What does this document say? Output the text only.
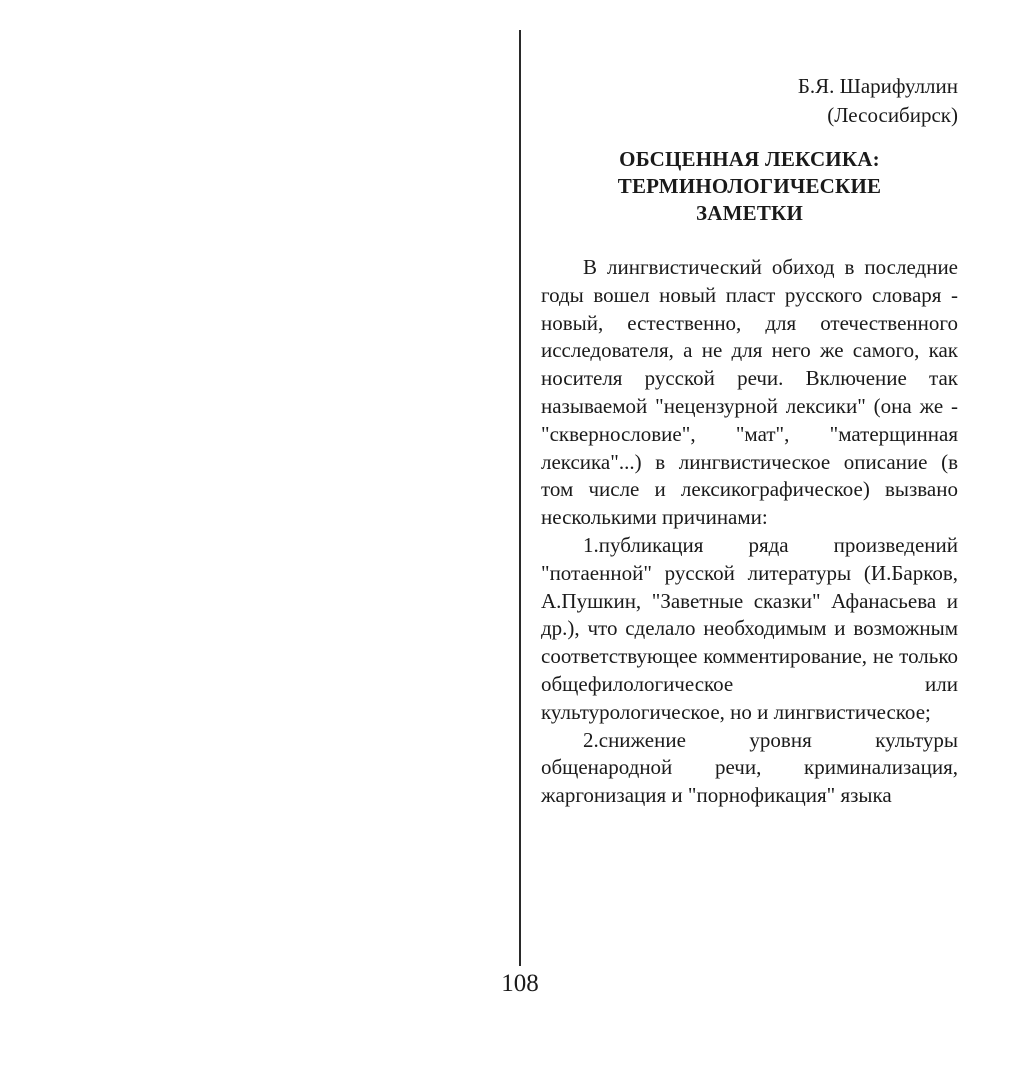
Б.Я. Шарифуллин
(Лесосибирск)
ОБСЦЕННАЯ ЛЕКСИКА:
ТЕРМИНОЛОГИЧЕСКИЕ
ЗАМЕТКИ

В лингвистический обиход в последние годы вошел новый пласт русского словаря - новый, естественно, для отечественного исследователя, а не для него же самого, как носителя русской речи. Включение так называемой "нецензурной лексики" (она же - "сквернословие", "мат", "матерщинная лексика"...) в лингвистическое описание (в том числе и лексикографическое) вызвано несколькими причинами:

1.публикация ряда произведений "потаенной" русской литературы (И.Барков, А.Пушкин, "Заветные сказки" Афанасьева и др.), что сделало необходимым и возможным соответствующее комментирование, не только общефилологическое или культурологическое, но и лингвистическое;

2.снижение уровня культуры общенародной речи, криминализация, жаргонизация и "порнофикация" языка

108
